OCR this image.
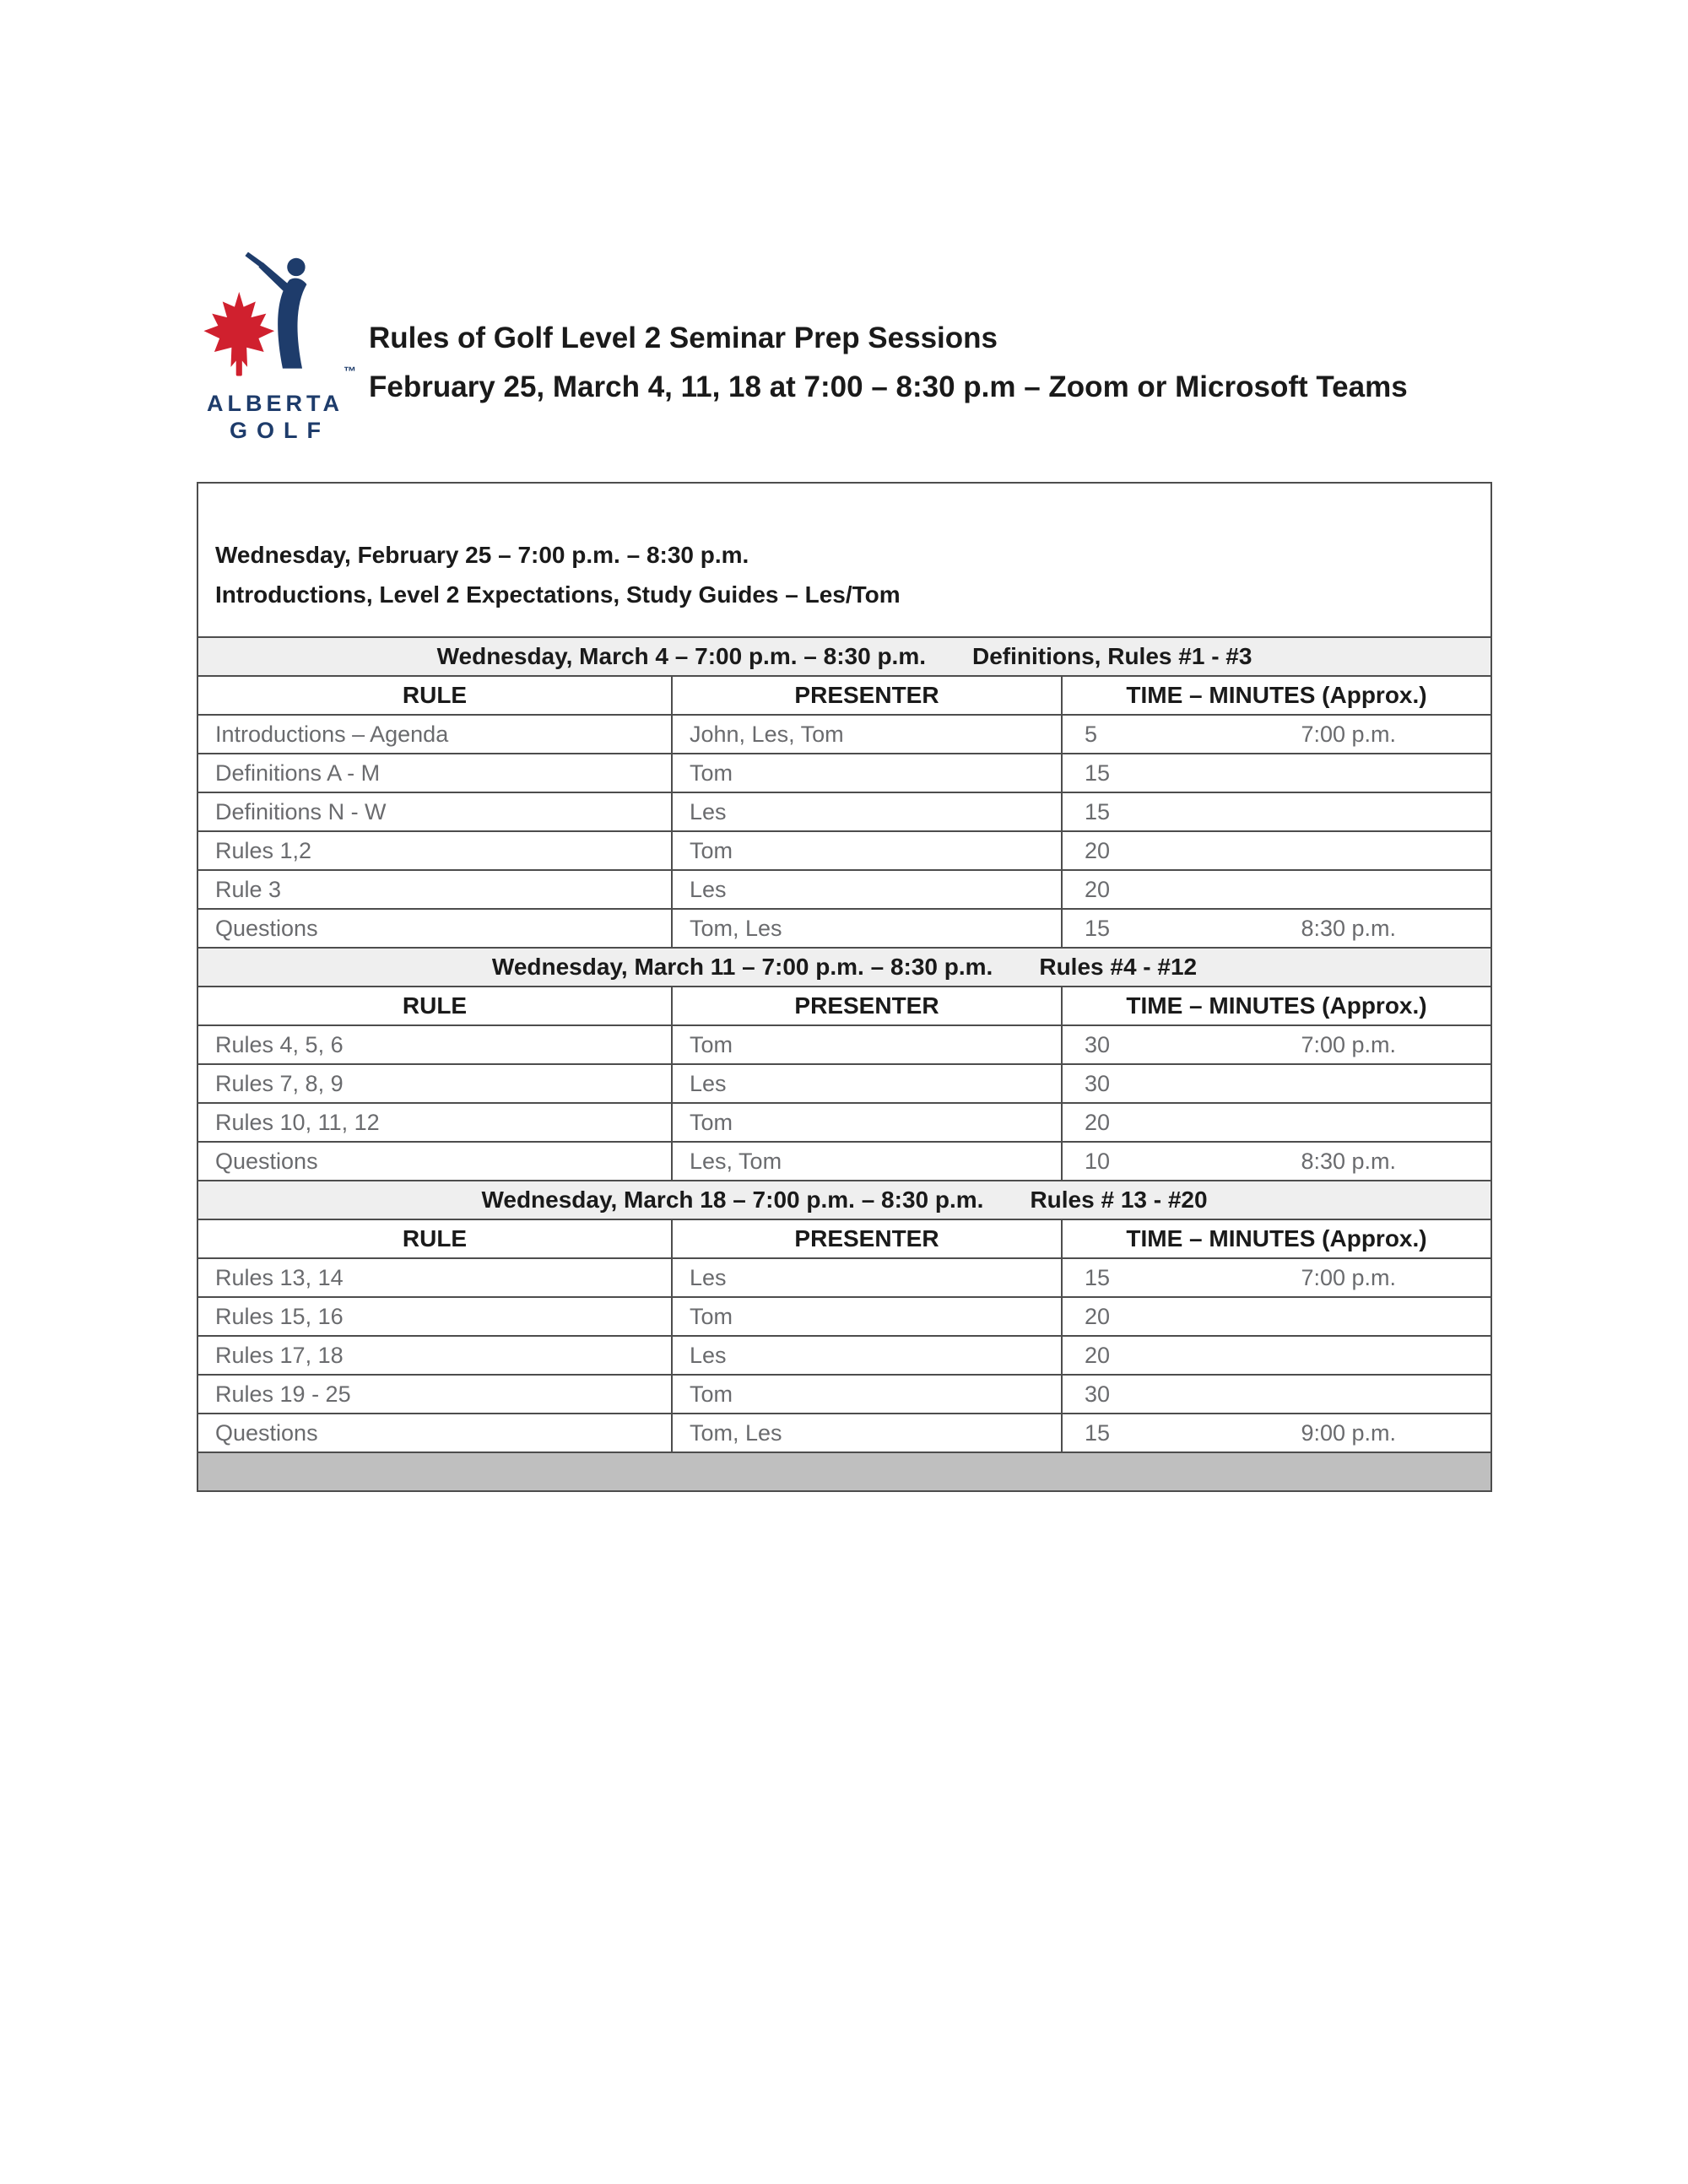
™
ALBERTA
GOLF
Rules of Golf Level 2 Seminar Prep Sessions
February 25, March 4, 11, 18 at 7:00 – 8:30 p.m – Zoom or Microsoft Teams
Wednesday, February 25 – 7:00 p.m. – 8:30 p.m.
Introductions, Level 2 Expectations, Study Guides – Les/Tom		

Wednesday, March 4 – 7:00 p.m. – 8:30 p.m. Definitions, Rules #1 - #3		
RULE	PRESENTER	TIME – MINUTES (Approx.)
Introductions – Agenda	John, Les, Tom	5 7:00 p.m.

Definitions A - M	Tom	15

Definitions N - W	Les	15

Rules 1,2	Tom	20

Rule 3	Les	20

Questions	Tom, Les	15 8:30 p.m.

Wednesday, March 11 – 7:00 p.m. – 8:30 p.m. Rules #4 - #12		
RULE	PRESENTER	TIME – MINUTES (Approx.)
Rules 4, 5, 6	Tom	30 7:00 p.m.

Rules 7, 8, 9	Les	30

Rules 10, 11, 12	Tom	20

Questions	Les, Tom	10 8:30 p.m.

Wednesday, March 18 – 7:00 p.m. – 8:30 p.m. Rules # 13 - #20		
RULE	PRESENTER	TIME – MINUTES (Approx.)
Rules 13, 14	Les	15 7:00 p.m.

Rules 15, 16	Tom	20

Rules 17, 18	Les	20

Rules 19 - 25	Tom	30

Questions	Tom, Les	15 9:00 p.m.
